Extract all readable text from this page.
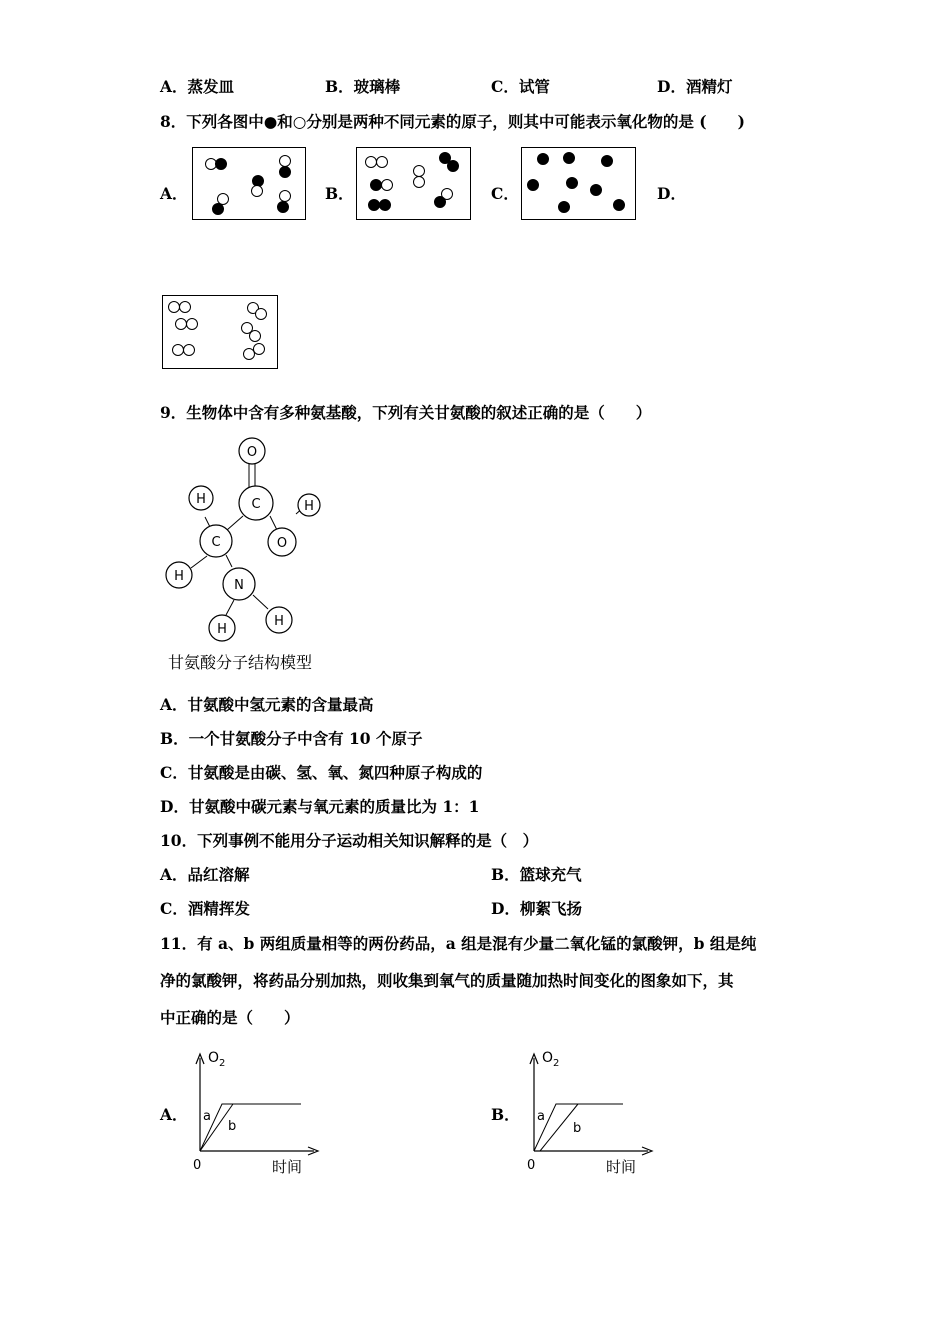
A．蒸发皿	B．玻璃棒	C．试管	D．酒精灯
8．下列各图中●和○分别是两种不同元素的原子，则其中可能表示氧化物的是 (　　)
A．	B．	C．	D．
9．生物体中含有多种氨基酸，下列有关甘氨酸的叙述正确的是（　　）
O
C	H
O
H
C
H
N
H
H
甘氨酸分子结构模型
A．甘氨酸中氢元素的含量最高
B．一个甘氨酸分子中含有 10 个原子
C．甘氨酸是由碳、氢、氧、氮四种原子构成的
D．甘氨酸中碳元素与氧元素的质量比为 1：1
10．下列事例不能用分子运动相关知识解释的是（　）
A．品红溶解	B．篮球充气
C．酒精挥发	D．柳絮飞扬
11．有 a、b 两组质量相等的两份药品，a 组是混有少量二氧化锰的氯酸钾，b 组是纯
净的氯酸钾，将药品分别加热，则收集到氧气的质量随加热时间变化的图象如下，其
中正确的是（　　）
A．
$O_2$
a
b
0	时间
B．
$O_2$
a
b
0	时间
